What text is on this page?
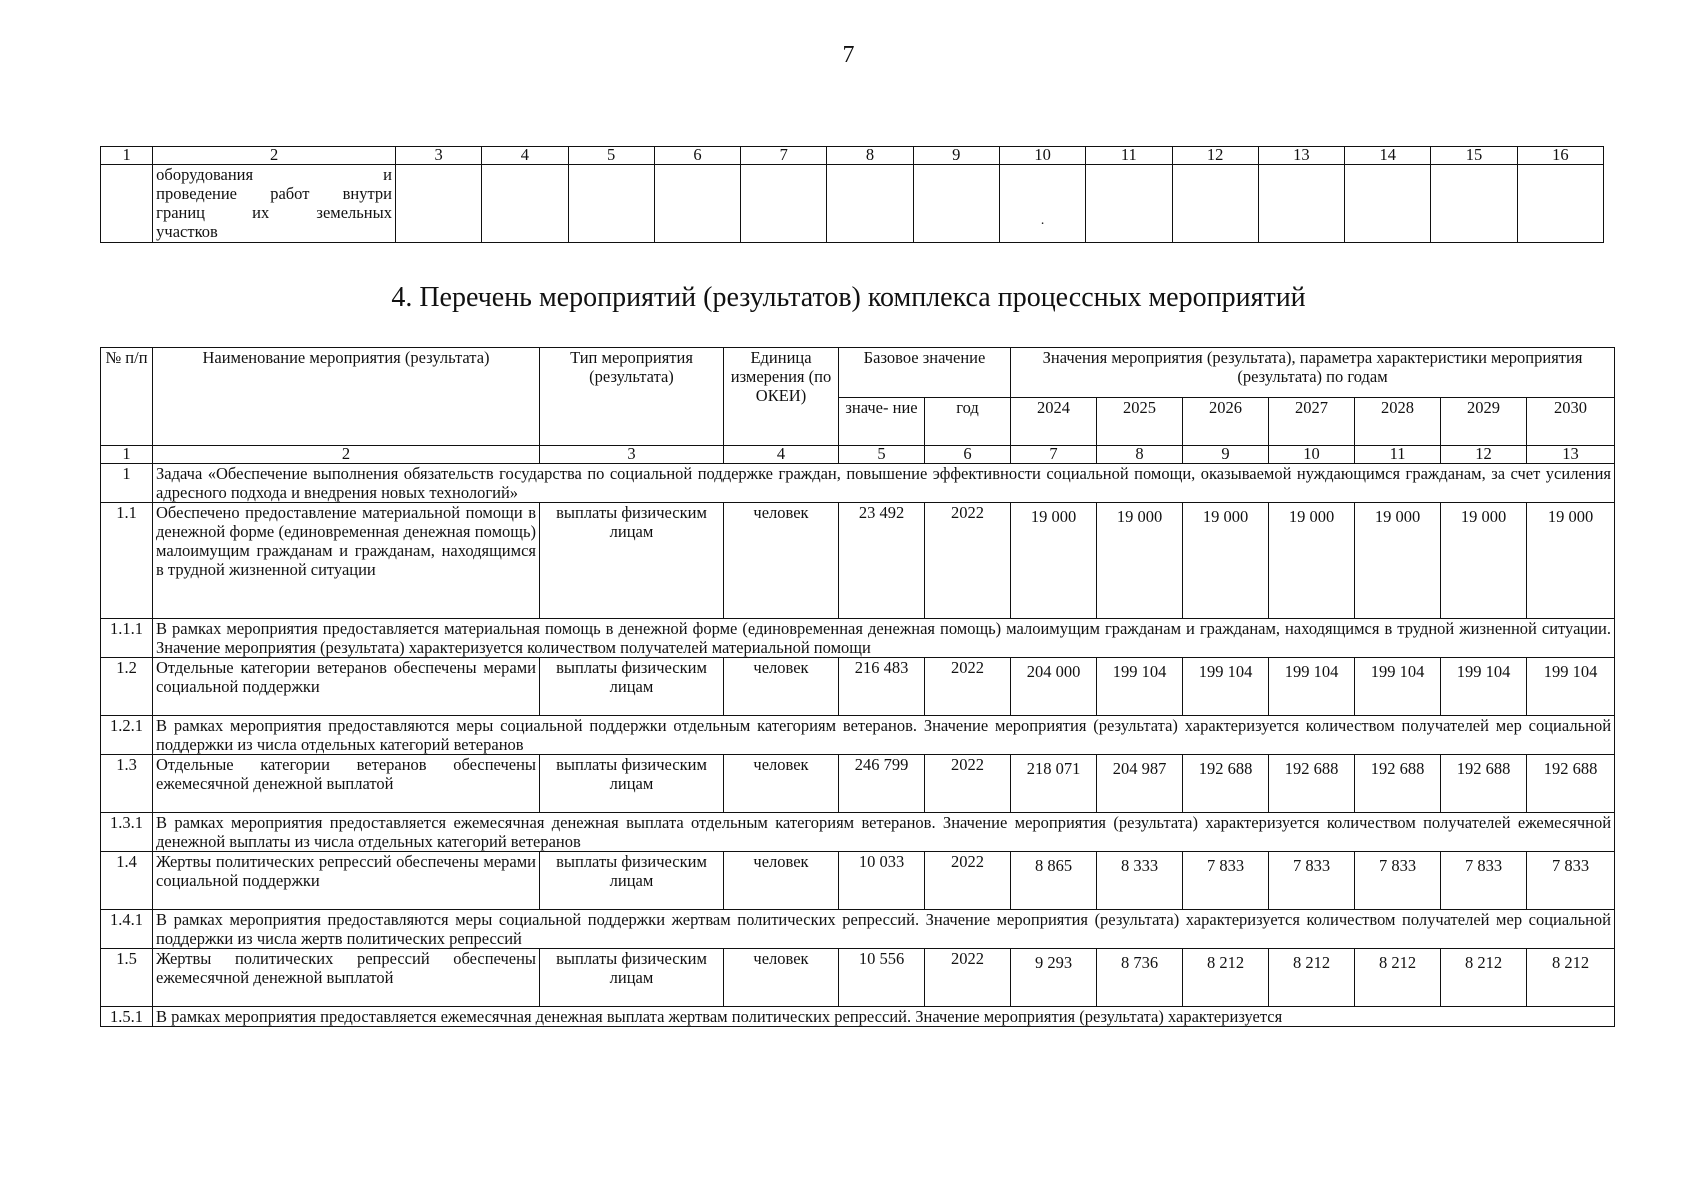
7
1	2	3	4	5	6	7	8	9	10	11	12	13	14	15	16

	оборудования и
проведение работ внутри
границ их земельных
участков								·						

4. Перечень мероприятий (результатов) комплекса процессных мероприятий
№ п/п	Наименование мероприятия (результата)	Тип мероприятия (результата)	Единица измерения (по ОКЕИ)	Базовое значение		Значения мероприятия (результата), параметра характеристики мероприятия (результата) по годам						
				значе- ние	год	2024	2025	2026	2027	2028	2029	2030
1	2	3	4	5	6	7	8	9	10	11	12	13
1	Задача «Обеспечение выполнения обязательств государства по социальной поддержке граждан, повышение эффективности социальной помощи, оказываемой нуждающимся гражданам, за счет усиления адресного подхода и внедрения новых технологий»											
1.1	Обеспечено предоставление материальной помощи в денежной форме (единовременная денежная помощь) малоимущим гражданам и гражданам, находящимся в трудной жизненной ситуации	выплаты физическим лицам	человек	23 492	2022	19 000	19 000	19 000	19 000	19 000	19 000	19 000
1.1.1	В рамках мероприятия предоставляется материальная помощь в денежной форме (единовременная денежная помощь) малоимущим гражданам и гражданам, находящимся в трудной жизненной ситуации. Значение мероприятия (результата) характеризуется количеством получателей материальной помощи											
1.2	Отдельные категории ветеранов обеспечены мерами социальной поддержки	выплаты физическим лицам	человек	216 483	2022	204 000	199 104	199 104	199 104	199 104	199 104	199 104
1.2.1	В рамках мероприятия предоставляются меры социальной поддержки отдельным категориям ветеранов. Значение мероприятия (результата) характеризуется количеством получателей мер социальной поддержки из числа отдельных категорий ветеранов											
1.3	Отдельные категории ветеранов обеспечены ежемесячной денежной выплатой	выплаты физическим лицам	человек	246 799	2022	218 071	204 987	192 688	192 688	192 688	192 688	192 688
1.3.1	В рамках мероприятия предоставляется ежемесячная денежная выплата отдельным категориям ветеранов. Значение мероприятия (результата) характеризуется количеством получателей ежемесячной денежной выплаты из числа отдельных категорий ветеранов											
1.4	Жертвы политических репрессий обеспечены мерами социальной поддержки	выплаты физическим лицам	человек	10 033	2022	8 865	8 333	7 833	7 833	7 833	7 833	7 833
1.4.1	В рамках мероприятия предоставляются меры социальной поддержки жертвам политических репрессий. Значение мероприятия (результата) характеризуется количеством получателей мер социальной поддержки из числа жертв политических репрессий											
1.5	Жертвы политических репрессий обеспечены ежемесячной денежной выплатой	выплаты физическим лицам	человек	10 556	2022	9 293	8 736	8 212	8 212	8 212	8 212	8 212
1.5.1	В рамках мероприятия предоставляется ежемесячная денежная выплата жертвам политических репрессий. Значение мероприятия (результата) характеризуется											
